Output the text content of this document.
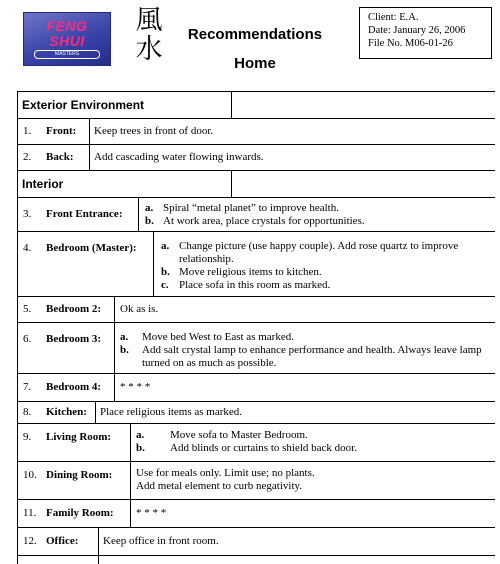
FENG
SHUI
MASTERS
風
水	Recommendations
Home
Client: E.A.
Date: January 26, 2006
File No. M06-01-26
Exterior Environment
1. Front: Keep trees in front of door.
2. Back: Add cascading water flowing inwards.
Interior
3. Front Entrance: a. Spiral “metal planet” to improve health.
b. At work area, place crystals for opportunities.
4. Bedroom (Master): a. Change picture (use happy couple). Add rose quartz to improve relationship.
b. Move religious items to kitchen.
c. Place sofa in this room as marked.
5. Bedroom 2: Ok as is.
6. Bedroom 3: a. Move bed West to East as marked.
b. Add salt crystal lamp to enhance performance and health. Always leave lamp turned on as much as possible.
7. Bedroom 4: * * * *
8. Kitchen: Place religious items as marked.
9. Living Room: a. Move sofa to Master Bedroom.
b. Add blinds or curtains to shield back door.
10. Dining Room: Use for meals only. Limit use; no plants.
Add metal element to curb negativity.
11. Family Room: * * * *
12. Office: Keep office in front room.
